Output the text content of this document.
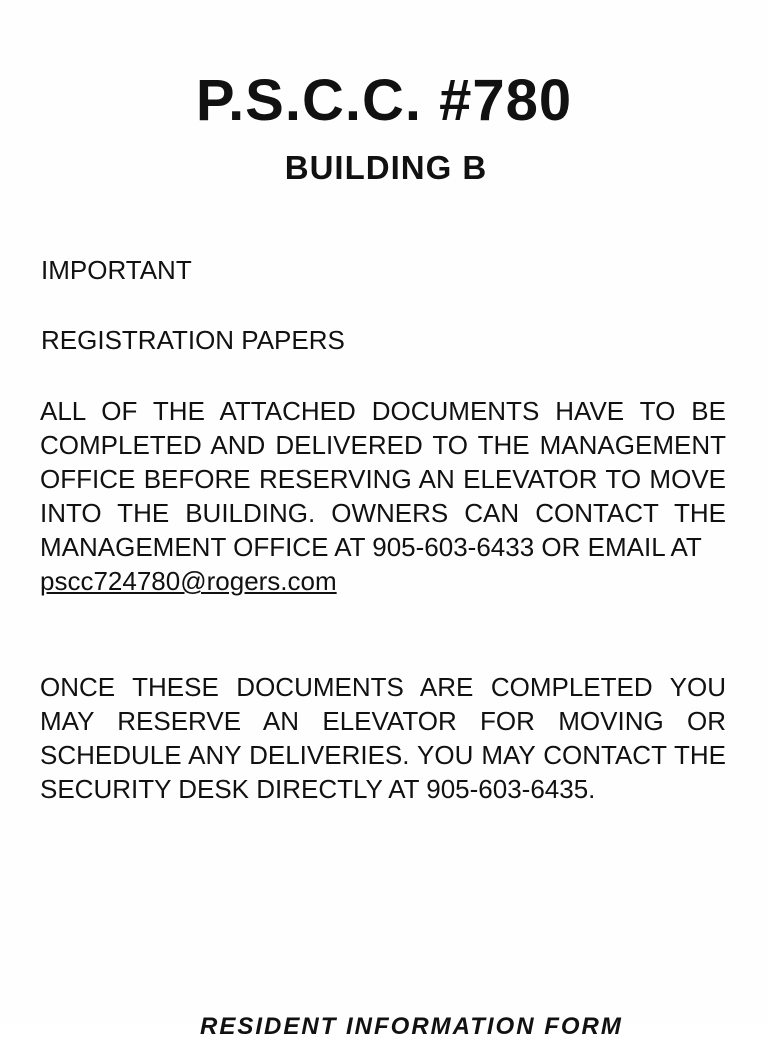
P.S.C.C. #780
BUILDING B
IMPORTANT
REGISTRATION PAPERS
ALL OF THE ATTACHED DOCUMENTS HAVE TO BE COMPLETED AND DELIVERED TO THE MANAGEMENT OFFICE BEFORE RESERVING AN ELEVATOR TO MOVE INTO THE BUILDING. OWNERS CAN CONTACT THE MANAGEMENT OFFICE AT 905-603-6433 OR EMAIL AT
pscc724780@rogers.com
ONCE THESE DOCUMENTS ARE COMPLETED YOU MAY RESERVE AN ELEVATOR FOR MOVING OR SCHEDULE ANY DELIVERIES. YOU MAY CONTACT THE SECURITY DESK DIRECTLY AT 905-603-6435.
RESIDENT INFORMATION FORM
